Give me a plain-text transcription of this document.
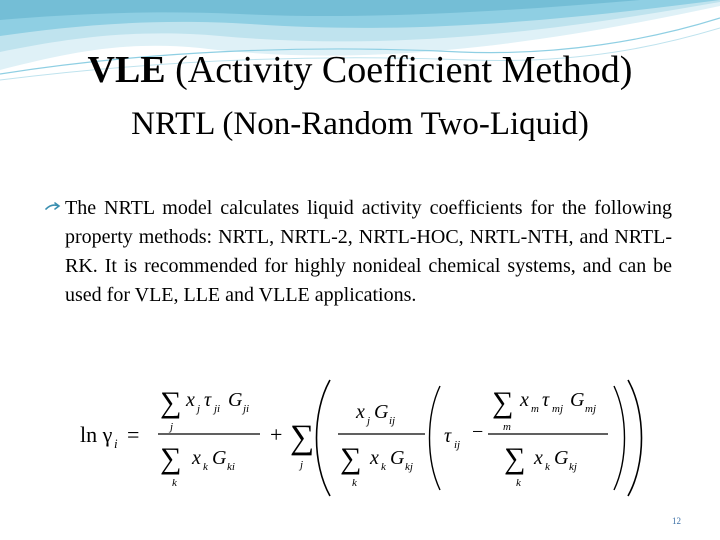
VLE (Activity Coefficient Method)
NRTL (Non-Random Two-Liquid)

The NRTL model calculates liquid activity coefficients for the following property methods: NRTL, NRTL-2, NRTL-HOC, NRTL-NTH, and NRTL-RK. It is recommended for highly nonideal chemical systems, and can be used for VLE, LLE and VLLE applications.

ln γ i =
∑
j
x j τ ji G ji
∑
k
x k G ki
+ ∑
j
x j G ij
∑
k
x k G kj
τ ij
−
∑
m
x m τ mj G mj
∑
k
x k G kj
12
